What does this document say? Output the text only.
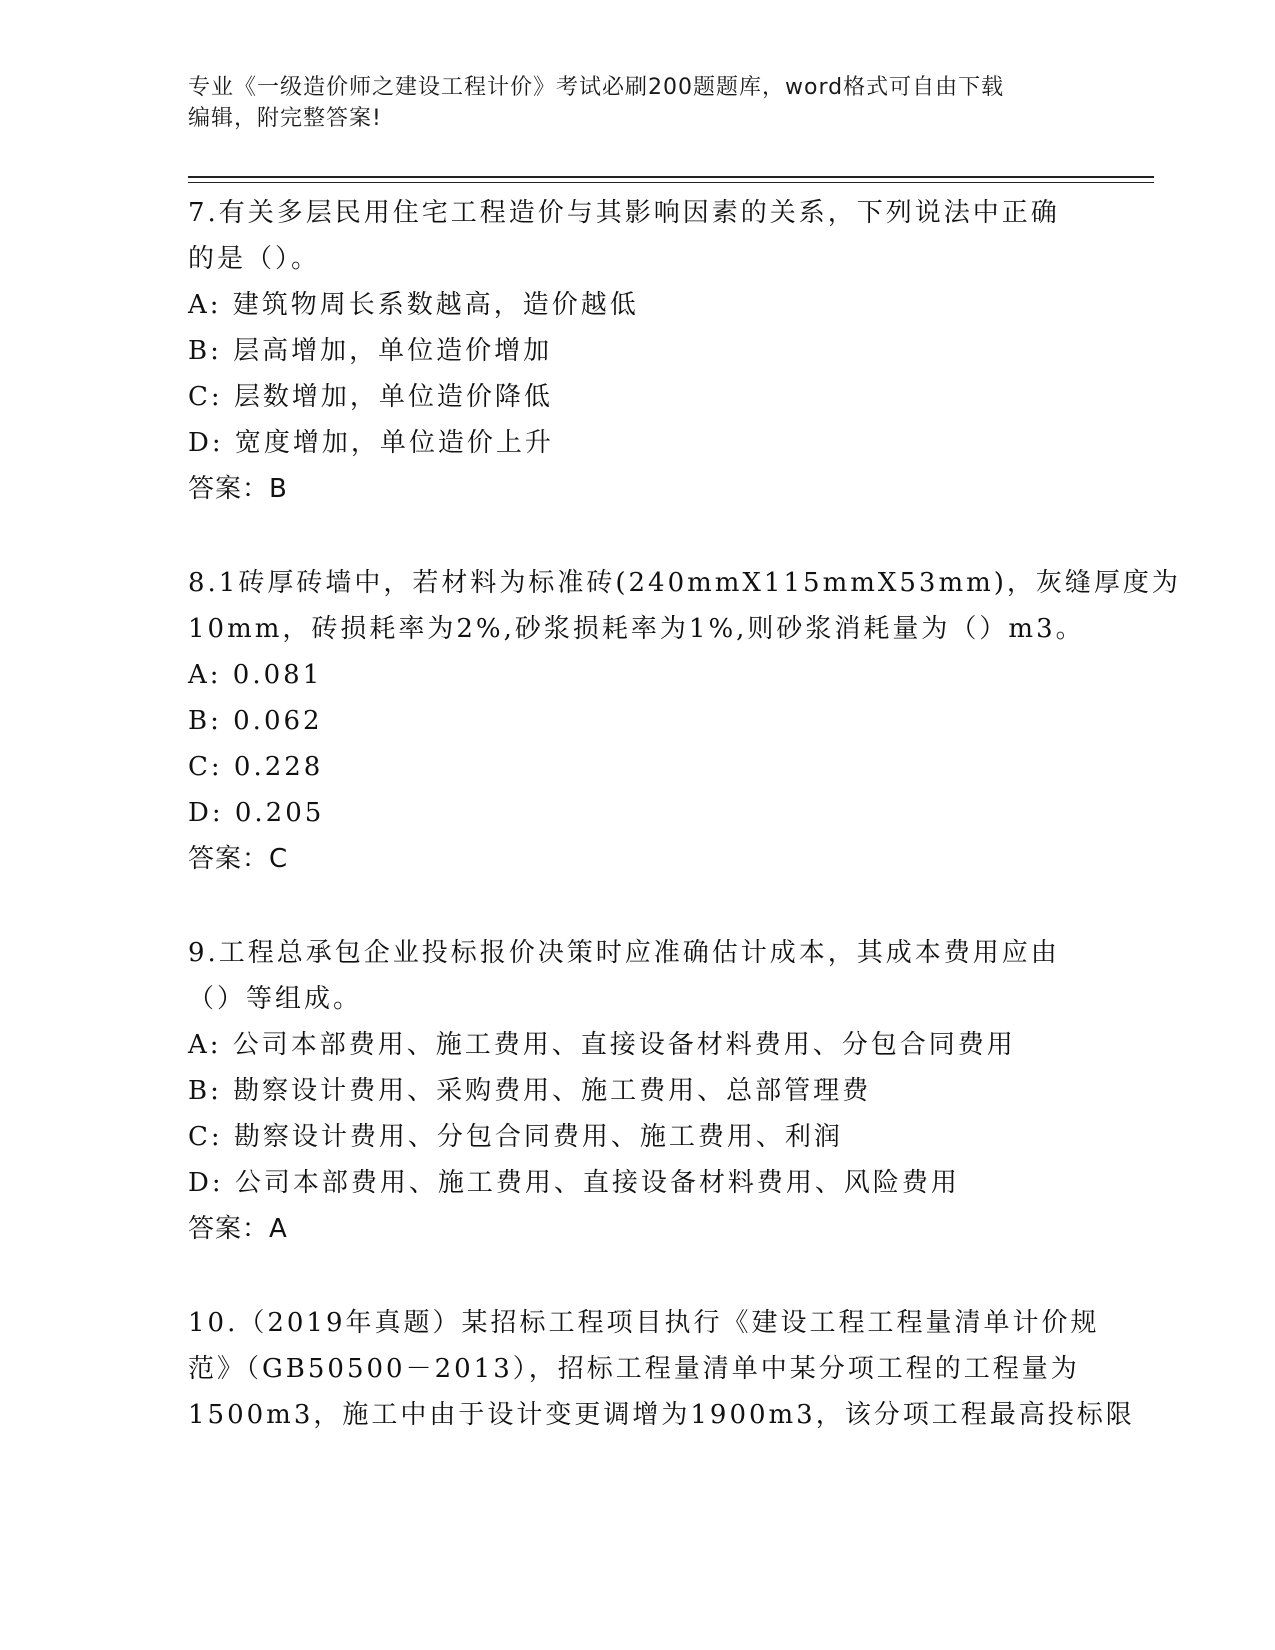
专业《一级造价师之建设工程计价》考试必刷200题题库，word格式可自由下载
编辑，附完整答案!
7.有关多层民用住宅工程造价与其影响因素的关系，下列说法中正确
的是（）。
A: 建筑物周长系数越高，造价越低
B: 层高增加，单位造价增加
C: 层数增加，单位造价降低
D: 宽度增加，单位造价上升
答案：B
8.1砖厚砖墙中，若材料为标准砖(240mmX115mmX53mm)，灰缝厚度为
10mm，砖损耗率为2%,砂浆损耗率为1%,则砂浆消耗量为（）m3。
A: 0.081
B: 0.062
C: 0.228
D: 0.205
答案：C
9.工程总承包企业投标报价决策时应准确估计成本，其成本费用应由
（）等组成。
A: 公司本部费用、施工费用、直接设备材料费用、分包合同费用
B: 勘察设计费用、采购费用、施工费用、总部管理费
C: 勘察设计费用、分包合同费用、施工费用、利润
D: 公司本部费用、施工费用、直接设备材料费用、风险费用
答案：A
10.（2019年真题）某招标工程项目执行《建设工程工程量清单计价规
范》（GB50500－2013），招标工程量清单中某分项工程的工程量为
1500m3，施工中由于设计变更调增为1900m3，该分项工程最高投标限
